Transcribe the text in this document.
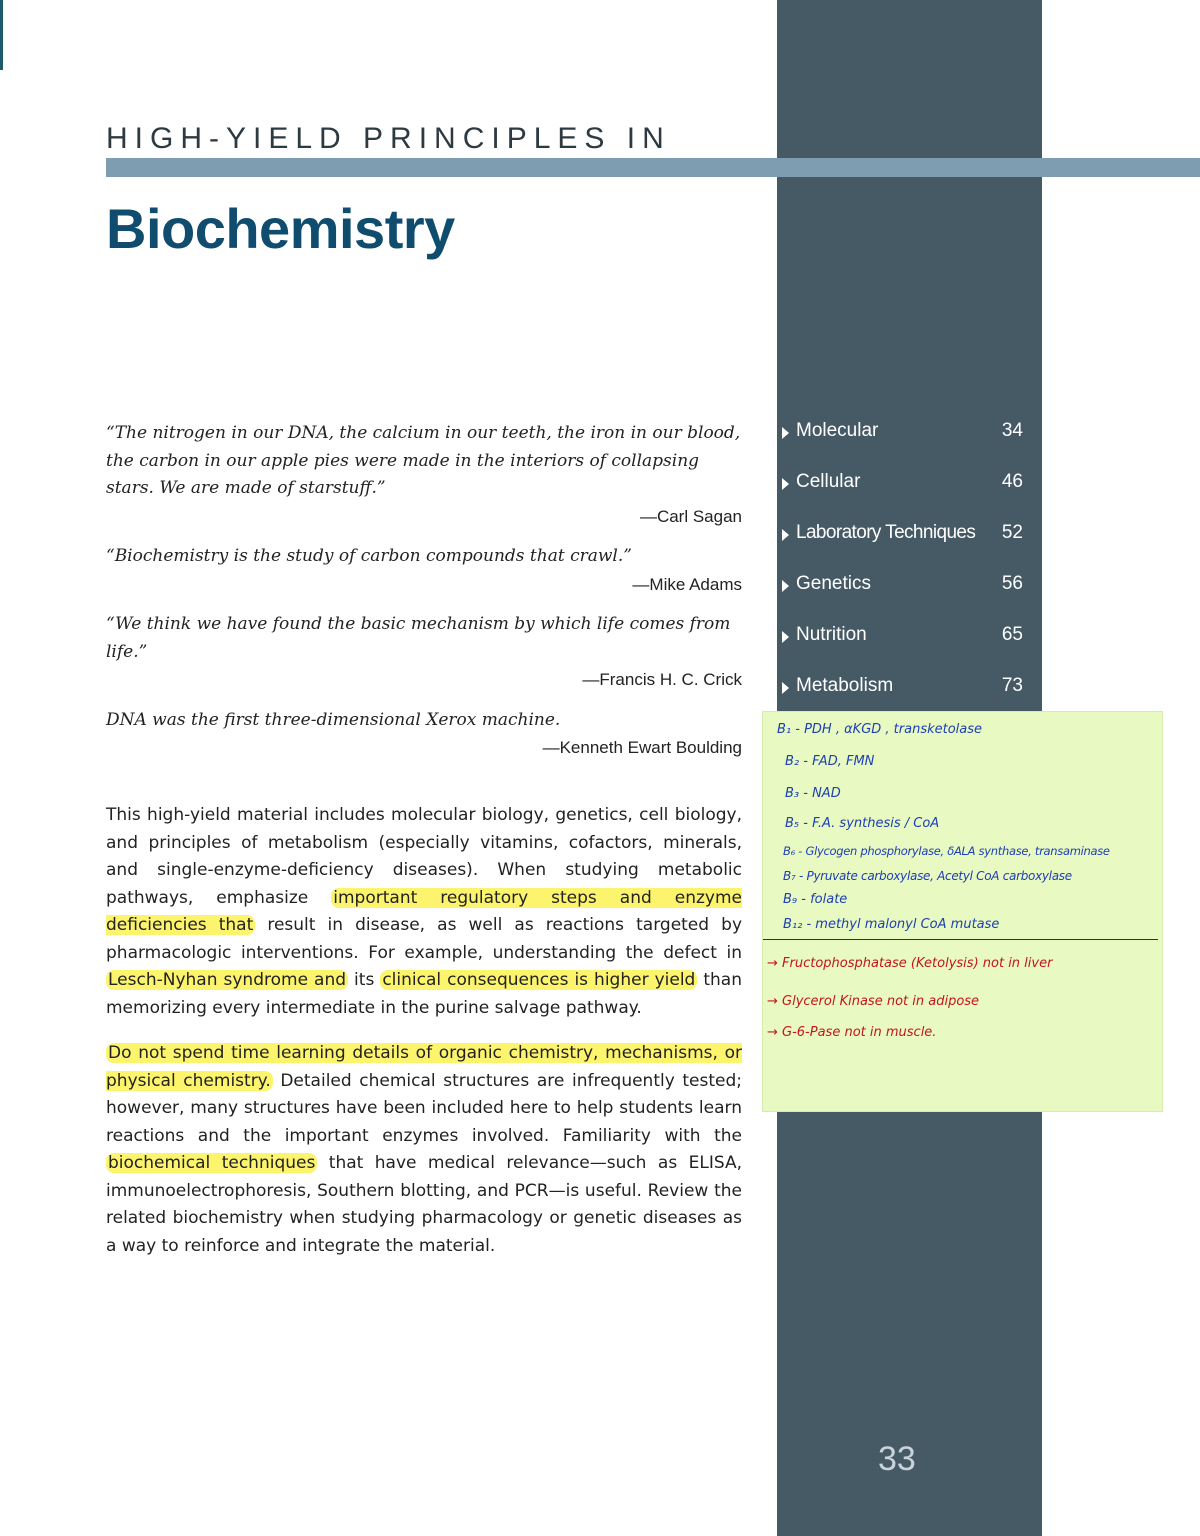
HIGH-YIELD PRINCIPLES IN
Biochemistry

“The nitrogen in our DNA, the calcium in our teeth, the iron in our blood, the carbon in our apple pies were made in the interiors of collapsing stars. We are made of starstuff.”

—Carl Sagan

“Biochemistry is the study of carbon compounds that crawl.”

—Mike Adams

“We think we have found the basic mechanism by which life comes from life.”

—Francis H. C. Crick

DNA was the first three-dimensional Xerox machine.

—Kenneth Ewart Boulding

This high-yield material includes molecular biology, genetics, cell biology, and principles of metabolism (especially vitamins, cofactors, minerals, and single-enzyme-deficiency diseases). When studying metabolic pathways, emphasize important regulatory steps and enzyme deficiencies that result in disease, as well as reactions targeted by pharmacologic interventions. For example, understanding the defect in Lesch-Nyhan syndrome and its clinical consequences is higher yield than memorizing every intermediate in the purine salvage pathway.

Do not spend time learning details of organic chemistry, mechanisms, or physical chemistry. Detailed chemical structures are infrequently tested; however, many structures have been included here to help students learn reactions and the important enzymes involved. Familiarity with the biochemical techniques that have medical relevance—such as ELISA, immunoelectrophoresis, Southern blotting, and PCR—is useful. Review the related biochemistry when studying pharmacology or genetic diseases as a way to reinforce and integrate the material.

Molecular	34
Cellular	46
Laboratory Techniques 52
Genetics	56
Nutrition	65
Metabolism	73
B₁ - PDH , αKGD , transketolase
B₂ - FAD, FMN
B₃ - NAD
B₅ - F.A. synthesis / CoA
B₆ - Glycogen phosphorylase, δALA synthase, transaminase
B₇ - Pyruvate carboxylase, Acetyl CoA carboxylase
B₉ - folate
B₁₂ - methyl malonyl CoA mutase
→ Fructophosphatase (Ketolysis) not in liver
→ Glycerol Kinase not in adipose
→ G-6-Pase not in muscle.
33
